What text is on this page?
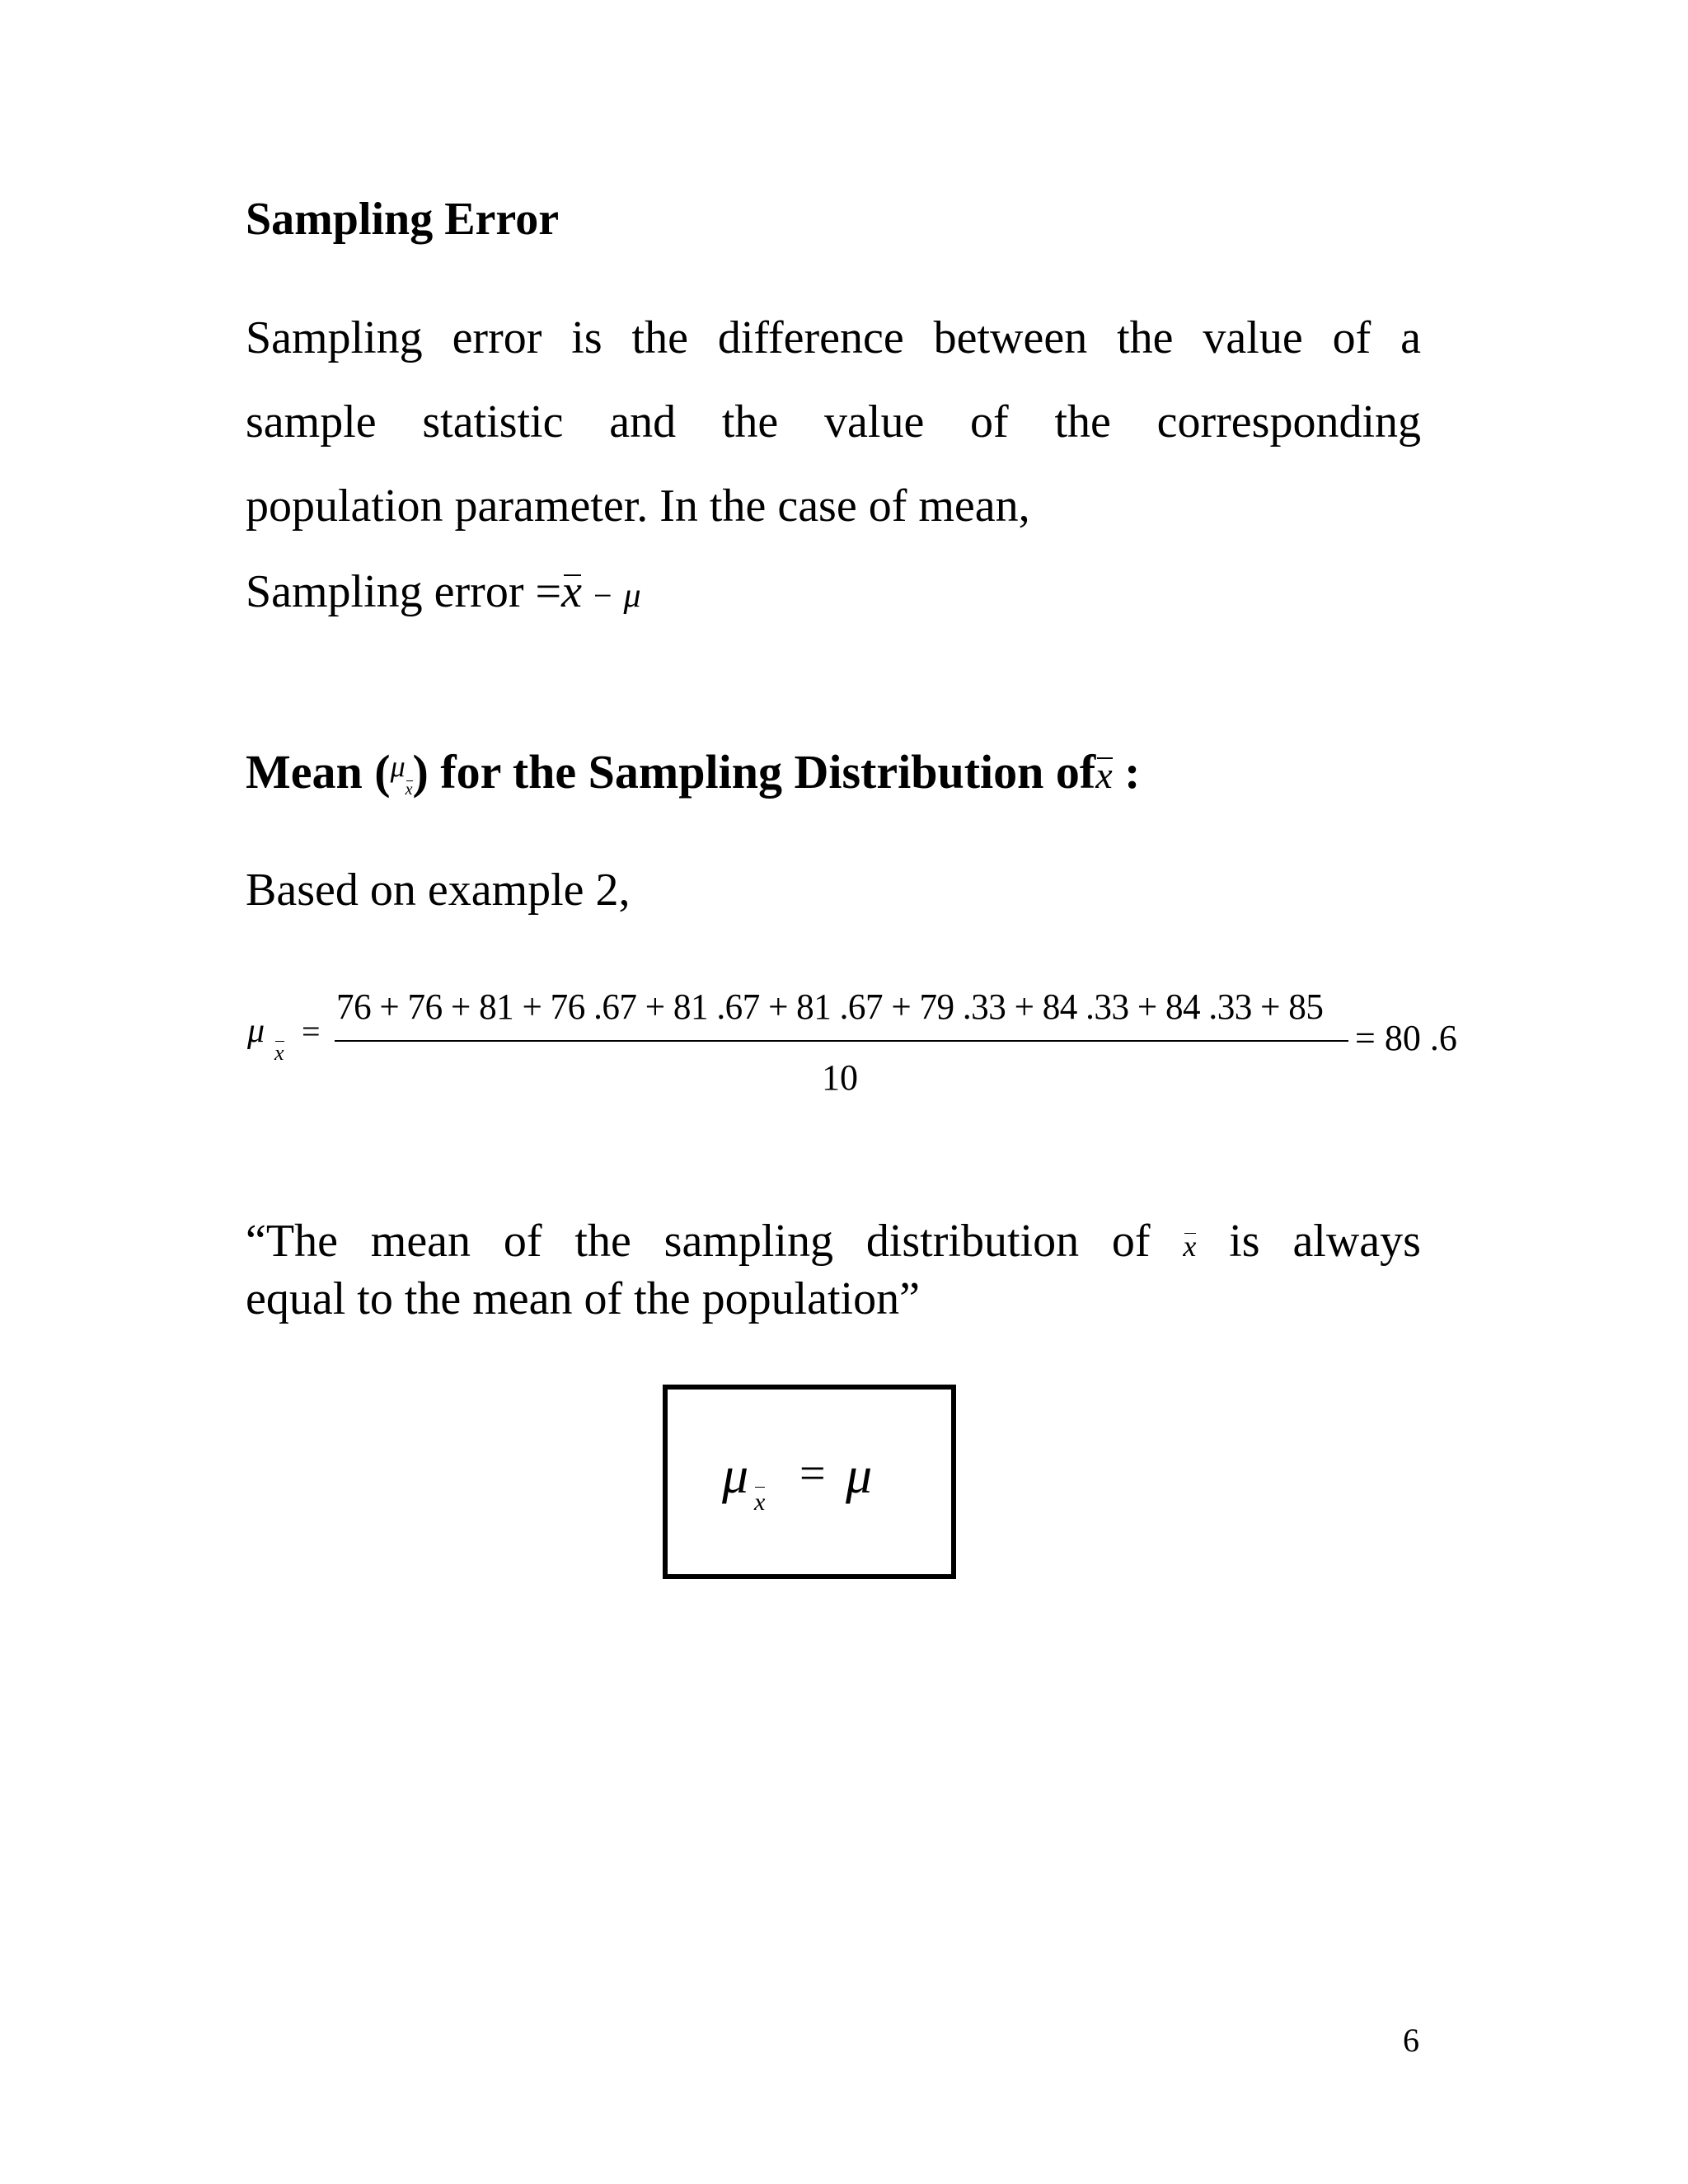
Sampling Error
Sampling error is the difference between the value of a
sample statistic and the value of the corresponding
population parameter. In the case of mean,
Sampling error =x − μ
Mean ($^\mu$x) for the Sampling Distribution ofx :
Based on example 2,
μ
x
=
76 + 76 + 81 + 76 .67 + 81 .67 + 81 .67 + 79 .33 + 84 .33 + 84 .33 + 85
10
= 80 .6
“The mean of the sampling distribution of x is always
equal to the mean of the population”
μ x
= μ
6
